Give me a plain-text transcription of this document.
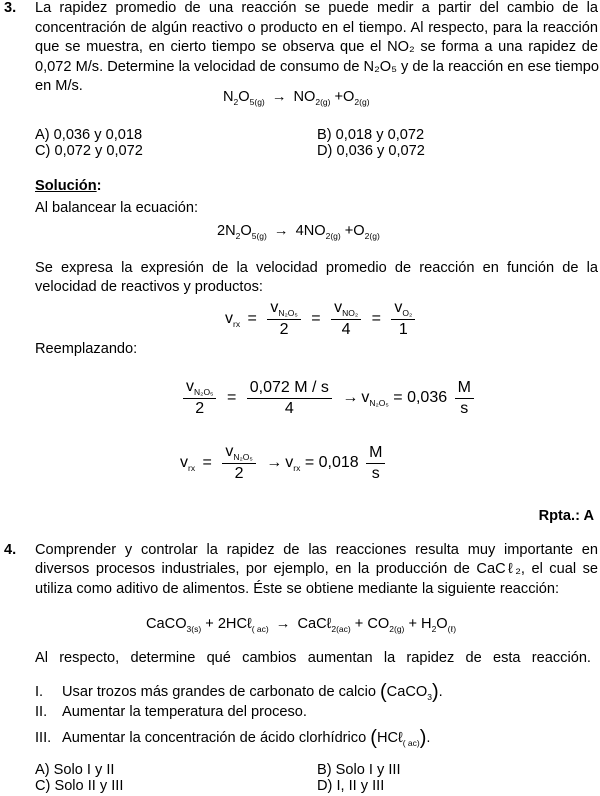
3. La rapidez promedio de una reacción se puede medir a partir del cambio de la
concentración de algún reactivo o producto en el tiempo. Al respecto, para la reacción
que se muestra, en cierto tiempo se observa que el NO₂ se forma a una rapidez de
0,072 M/s. Determine la velocidad de consumo de N₂O₅ y de la reacción en ese tiempo
en M/s.
$N_2O_{5(g)} \to NO_{2(g)} +O_{2(g)}$
A) 0,036 y 0,018	B) 0,018 y 0,072
C) 0,072 y 0,072	D) 0,036 y 0,072
Solución:
Al balancear la ecuación:
$2N_2O_{5(g)} \to 4NO_{2(g)} +O_{2(g)}$
Se expresa la expresión de la velocidad promedio de reacción en función de la
velocidad de reactivos y productos:
$v_{rx} = \frac{v_{N_2O_5}}{2} = \frac{v_{NO_2}}{4} = \frac{v_{O_2}}{1}$
Reemplazando:
$\frac{v_{N_2O_5}}{2} = \frac{0,072 M / s}{4} \to v_{N_2O_5} = 0,036 \frac{M}{s}$
$v_{rx} = \frac{v_{N_2O_5}}{2} \to v_{rx} = 0,018 \frac{M}{s}$
Rpta.: A
4. Comprender y controlar la rapidez de las reacciones resulta muy importante en
diversos procesos industriales, por ejemplo, en la producción de CaCℓ₂, el cual se
utiliza como aditivo de alimentos. Éste se obtiene mediante la siguiente reacción:
CaCO$_{3(s)}$ + 2HCℓ$_{( ac)}$ → CaCℓ$_{2(ac)}$ + $CO_{2(g)} + H_2O_{(\ell)}$
Al respecto, determine qué cambios aumentan la rapidez de esta reacción.
I. Usar trozos más grandes de carbonato de calcio (CaCO$_3$).
II. Aumentar la temperatura del proceso.
III. Aumentar la concentración de ácido clorhídrico (HCℓ$_{( ac)}$).
A) Solo I y II	B) Solo I y III
C) Solo II y III	D) I, II y III
